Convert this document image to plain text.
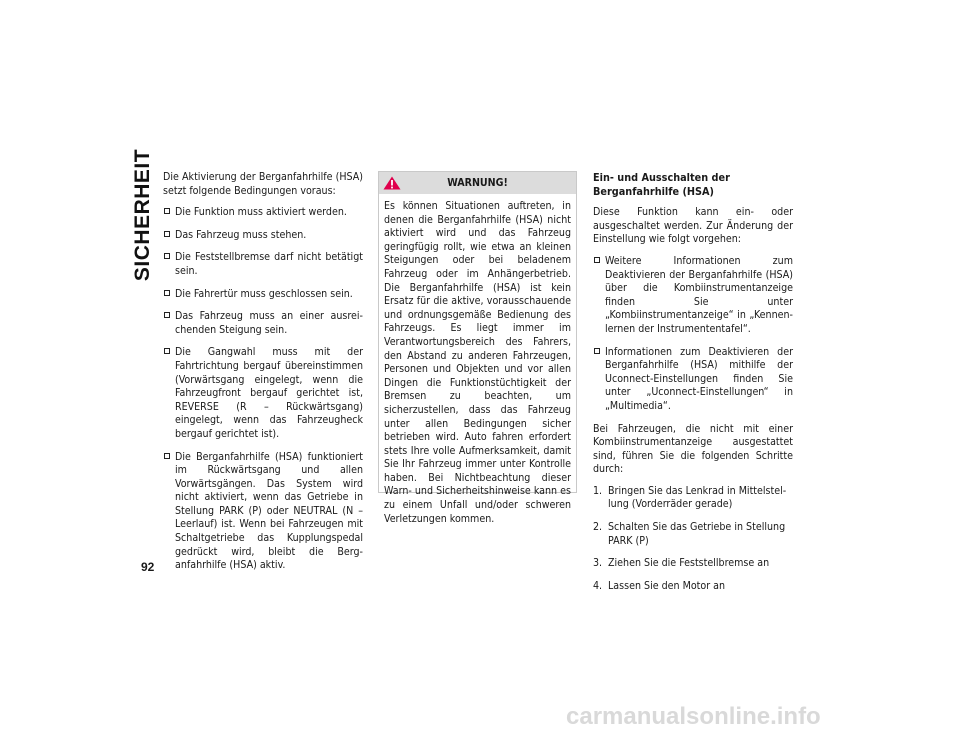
SICHERHEIT
92

Die Aktivierung der Berganfahrhilfe (HSA) setzt folgende Bedingungen voraus:

Die Funktion muss aktiviert werden.
Das Fahrzeug muss stehen.
Die Feststellbremse darf nicht betätigt sein.
Die Fahrertür muss geschlossen sein.
Das Fahrzeug muss an einer ausreichenden Steigung sein.
Die Gangwahl muss mit der Fahrtrichtung bergauf übereinstimmen (Vorwärtsgang eingelegt, wenn die Fahrzeugfront bergauf gerichtet ist, REVERSE (R – Rückwärtsgang) eingelegt, wenn das Fahrzeugheck bergauf gerichtet ist).
Die Berganfahrhilfe (HSA) funktioniert im Rückwärtsgang und allen Vorwärtsgängen. Das System wird nicht aktiviert, wenn das Getriebe in Stellung PARK (P) oder NEUTRAL (N – Leerlauf) ist. Wenn bei Fahrzeugen mit Schaltgetriebe das Kupplungspedal gedrückt wird, bleibt die Berganfahrhilfe (HSA) aktiv.
WARNUNG!
Es können Situationen auftreten, in denen die Berganfahrhilfe (HSA) nicht aktiviert wird und das Fahrzeug geringfügig rollt, wie etwa an kleinen Steigungen oder bei beladenem Fahrzeug oder im Anhängerbetrieb. Die Berganfahrhilfe (HSA) ist kein Ersatz für die aktive, vorausschauende und ordnungsgemäße Bedienung des Fahrzeugs. Es liegt immer im Verantwortungsbereich des Fahrers, den Abstand zu anderen Fahrzeugen, Personen und Objekten und vor allen Dingen die Funktionstüchtigkeit der Bremsen zu beachten, um sicherzustellen, dass das Fahrzeug unter allen Bedingungen sicher betrieben wird. Auto fahren erfordert stets Ihre volle Aufmerksamkeit, damit Sie Ihr Fahrzeug immer unter Kontrolle haben. Bei Nichtbeachtung dieser Warn- und Sicherheitshinweise kann es zu einem Unfall und/oder schweren Verletzungen kommen.
Ein- und Ausschalten der Berganfahrhilfe (HSA)

Diese Funktion kann ein- oder ausgeschaltet werden. Zur Änderung der Einstellung wie folgt vorgehen:

Weitere Informationen zum Deaktivieren der Berganfahrhilfe (HSA) über die Kombiinstrumentanzeige finden Sie unter „Kombiinstrumentanzeige“ in „Kennenlernen der Instrumententafel“.
Informationen zum Deaktivieren der Berganfahrhilfe (HSA) mithilfe der Uconnect-Einstellungen finden Sie unter „Uconnect-Einstellungen“ in „Multimedia“.

Bei Fahrzeugen, die nicht mit einer Kombiinstrumentanzeige ausgestattet sind, führen Sie die folgenden Schritte durch:

1. Bringen Sie das Lenkrad in Mittelstellung (Vorderräder gerade)
2. Schalten Sie das Getriebe in Stellung PARK (P)
3. Ziehen Sie die Feststellbremse an
4. Lassen Sie den Motor an
carmanualsonline.info
